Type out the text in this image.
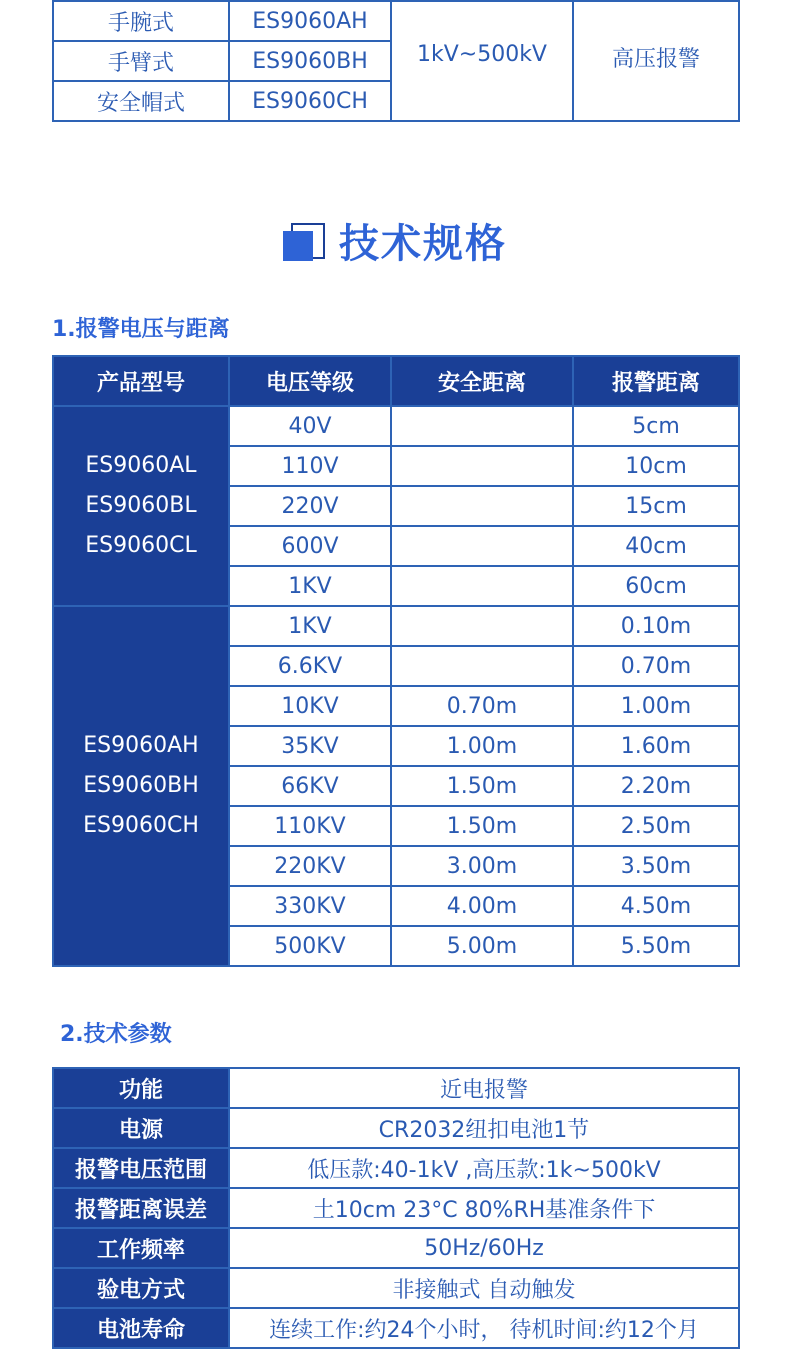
手腕式	ES9060AH	1kV~500kV	高压报警
手臂式	ES9060BH		
安全帽式	ES9060CH		
技术规格
1.报警电压与距离
产品型号	电压等级	安全距离	报警距离

ES9060AL
ES9060BL
ES9060CL	40V		5cm
	110V		10cm
	220V		15cm
	600V		40cm
	1KV		60cm

ES9060AH
ES9060BH
ES9060CH	1KV		0.10m
	6.6KV		0.70m
	10KV	0.70m	1.00m
	35KV	1.00m	1.60m
	66KV	1.50m	2.20m
	110KV	1.50m	2.50m
	220KV	3.00m	3.50m
	330KV	4.00m	4.50m
	500KV	5.00m	5.50m
2.技术参数
功能	近电报警
电源	CR2032纽扣电池1节
报警电压范围	低压款:40-1kV ,高压款:1k~500kV
报警距离误差	土10cm 23°C 80%RH基准条件下
工作频率	50Hz/60Hz
验电方式	非接触式 自动触发
电池寿命	连续工作:约24个小时， 待机时间:约12个月
